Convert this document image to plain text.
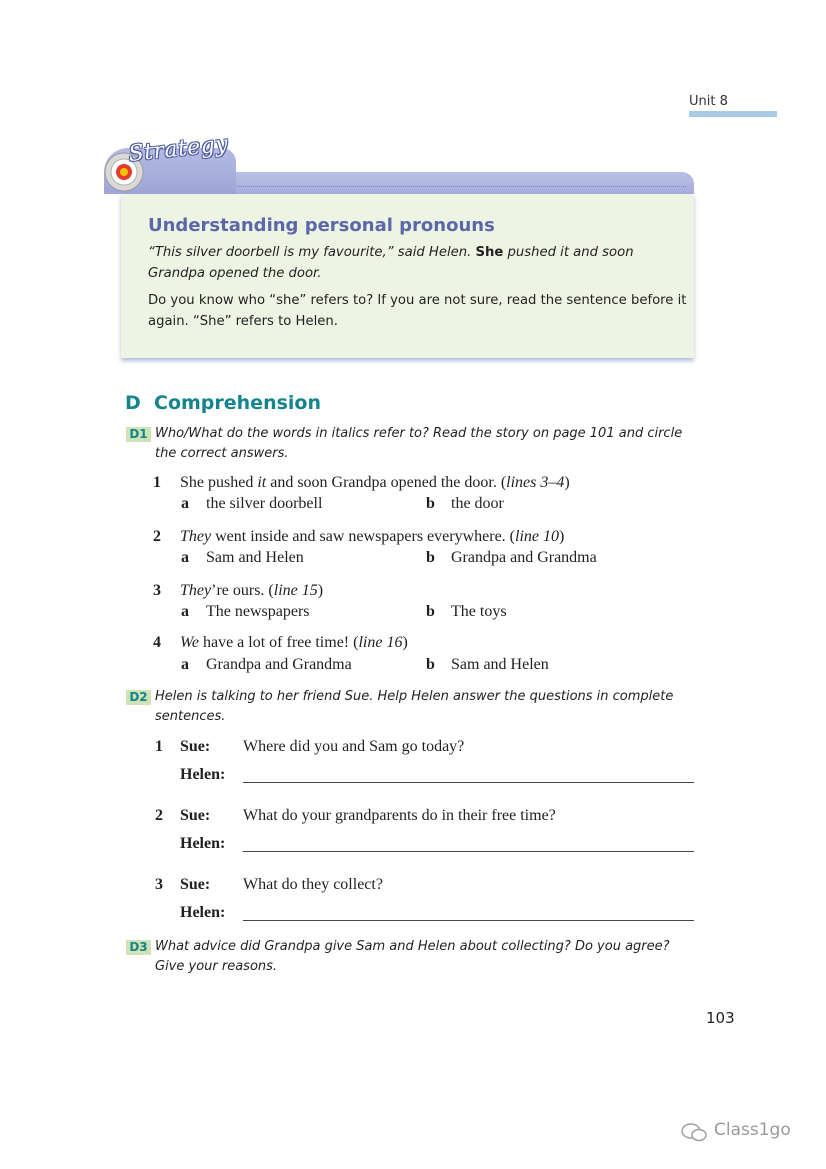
Unit 8
Strategy
Understanding personal pronouns
“This silver doorbell is my favourite,” said Helen. She pushed it and soon Grandpa opened the door.
Do you know who “she” refers to? If you are not sure, read the sentence before it again. “She” refers to Helen.
D Comprehension
D1 Who/What do the words in italics refer to? Read the story on page 101 and circle the correct answers.
1	She pushed it and soon Grandpa opened the door. (lines 3–4)
a the silver doorbell	b the door
2	They went inside and saw newspapers everywhere. (line 10)
a Sam and Helen	b Grandpa and Grandma
3	They’re ours. (line 15)
a The newspapers	b The toys
4	We have a lot of free time! (line 16)
a Grandpa and Grandma	b Sam and Helen
D2 Helen is talking to her friend Sue. Help Helen answer the questions in complete sentences.
1	Sue: Where did you and Sam go today?
Helen:
2	Sue: What do your grandparents do in their free time?
Helen:
3	Sue: What do they collect?
Helen:
D3 What advice did Grandpa give Sam and Helen about collecting? Do you agree? Give your reasons.
103
Class1go
